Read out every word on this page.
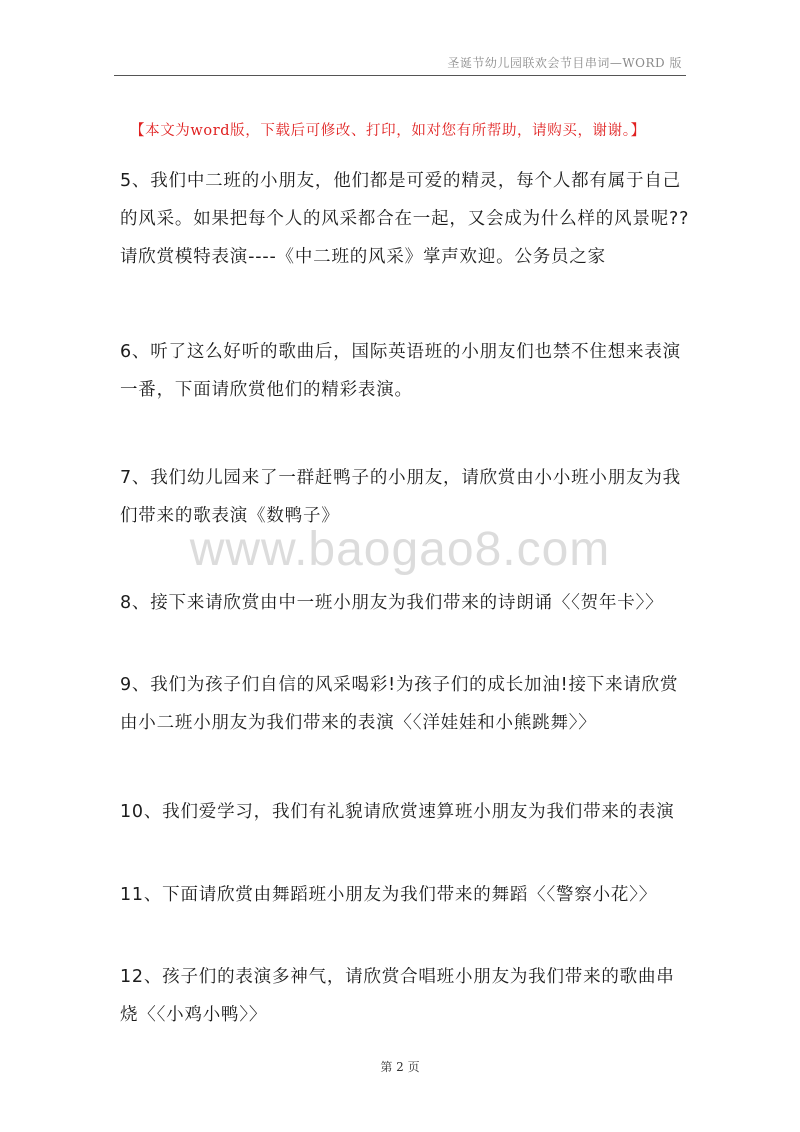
圣诞节幼儿园联欢会节目串词—WORD 版
【本文为word版，下载后可修改、打印，如对您有所帮助，请购买，谢谢。】
5、我们中二班的小朋友，他们都是可爱的精灵，每个人都有属于自己的风采。如果把每个人的风采都合在一起，又会成为什么样的风景呢??请欣赏模特表演----《中二班的风采》掌声欢迎。公务员之家
6、听了这么好听的歌曲后，国际英语班的小朋友们也禁不住想来表演一番，下面请欣赏他们的精彩表演。
7、我们幼儿园来了一群赶鸭子的小朋友，请欣赏由小小班小朋友为我们带来的歌表演《数鸭子》
www.baogao8.com
8、接下来请欣赏由中一班小朋友为我们带来的诗朗诵〈〈贺年卡〉〉
9、我们为孩子们自信的风采喝彩!为孩子们的成长加油!接下来请欣赏由小二班小朋友为我们带来的表演〈〈洋娃娃和小熊跳舞〉〉
10、我们爱学习，我们有礼貌请欣赏速算班小朋友为我们带来的表演
11、下面请欣赏由舞蹈班小朋友为我们带来的舞蹈〈〈警察小花〉〉
12、孩子们的表演多神气，请欣赏合唱班小朋友为我们带来的歌曲串烧〈〈小鸡小鸭〉〉
第 2 页
